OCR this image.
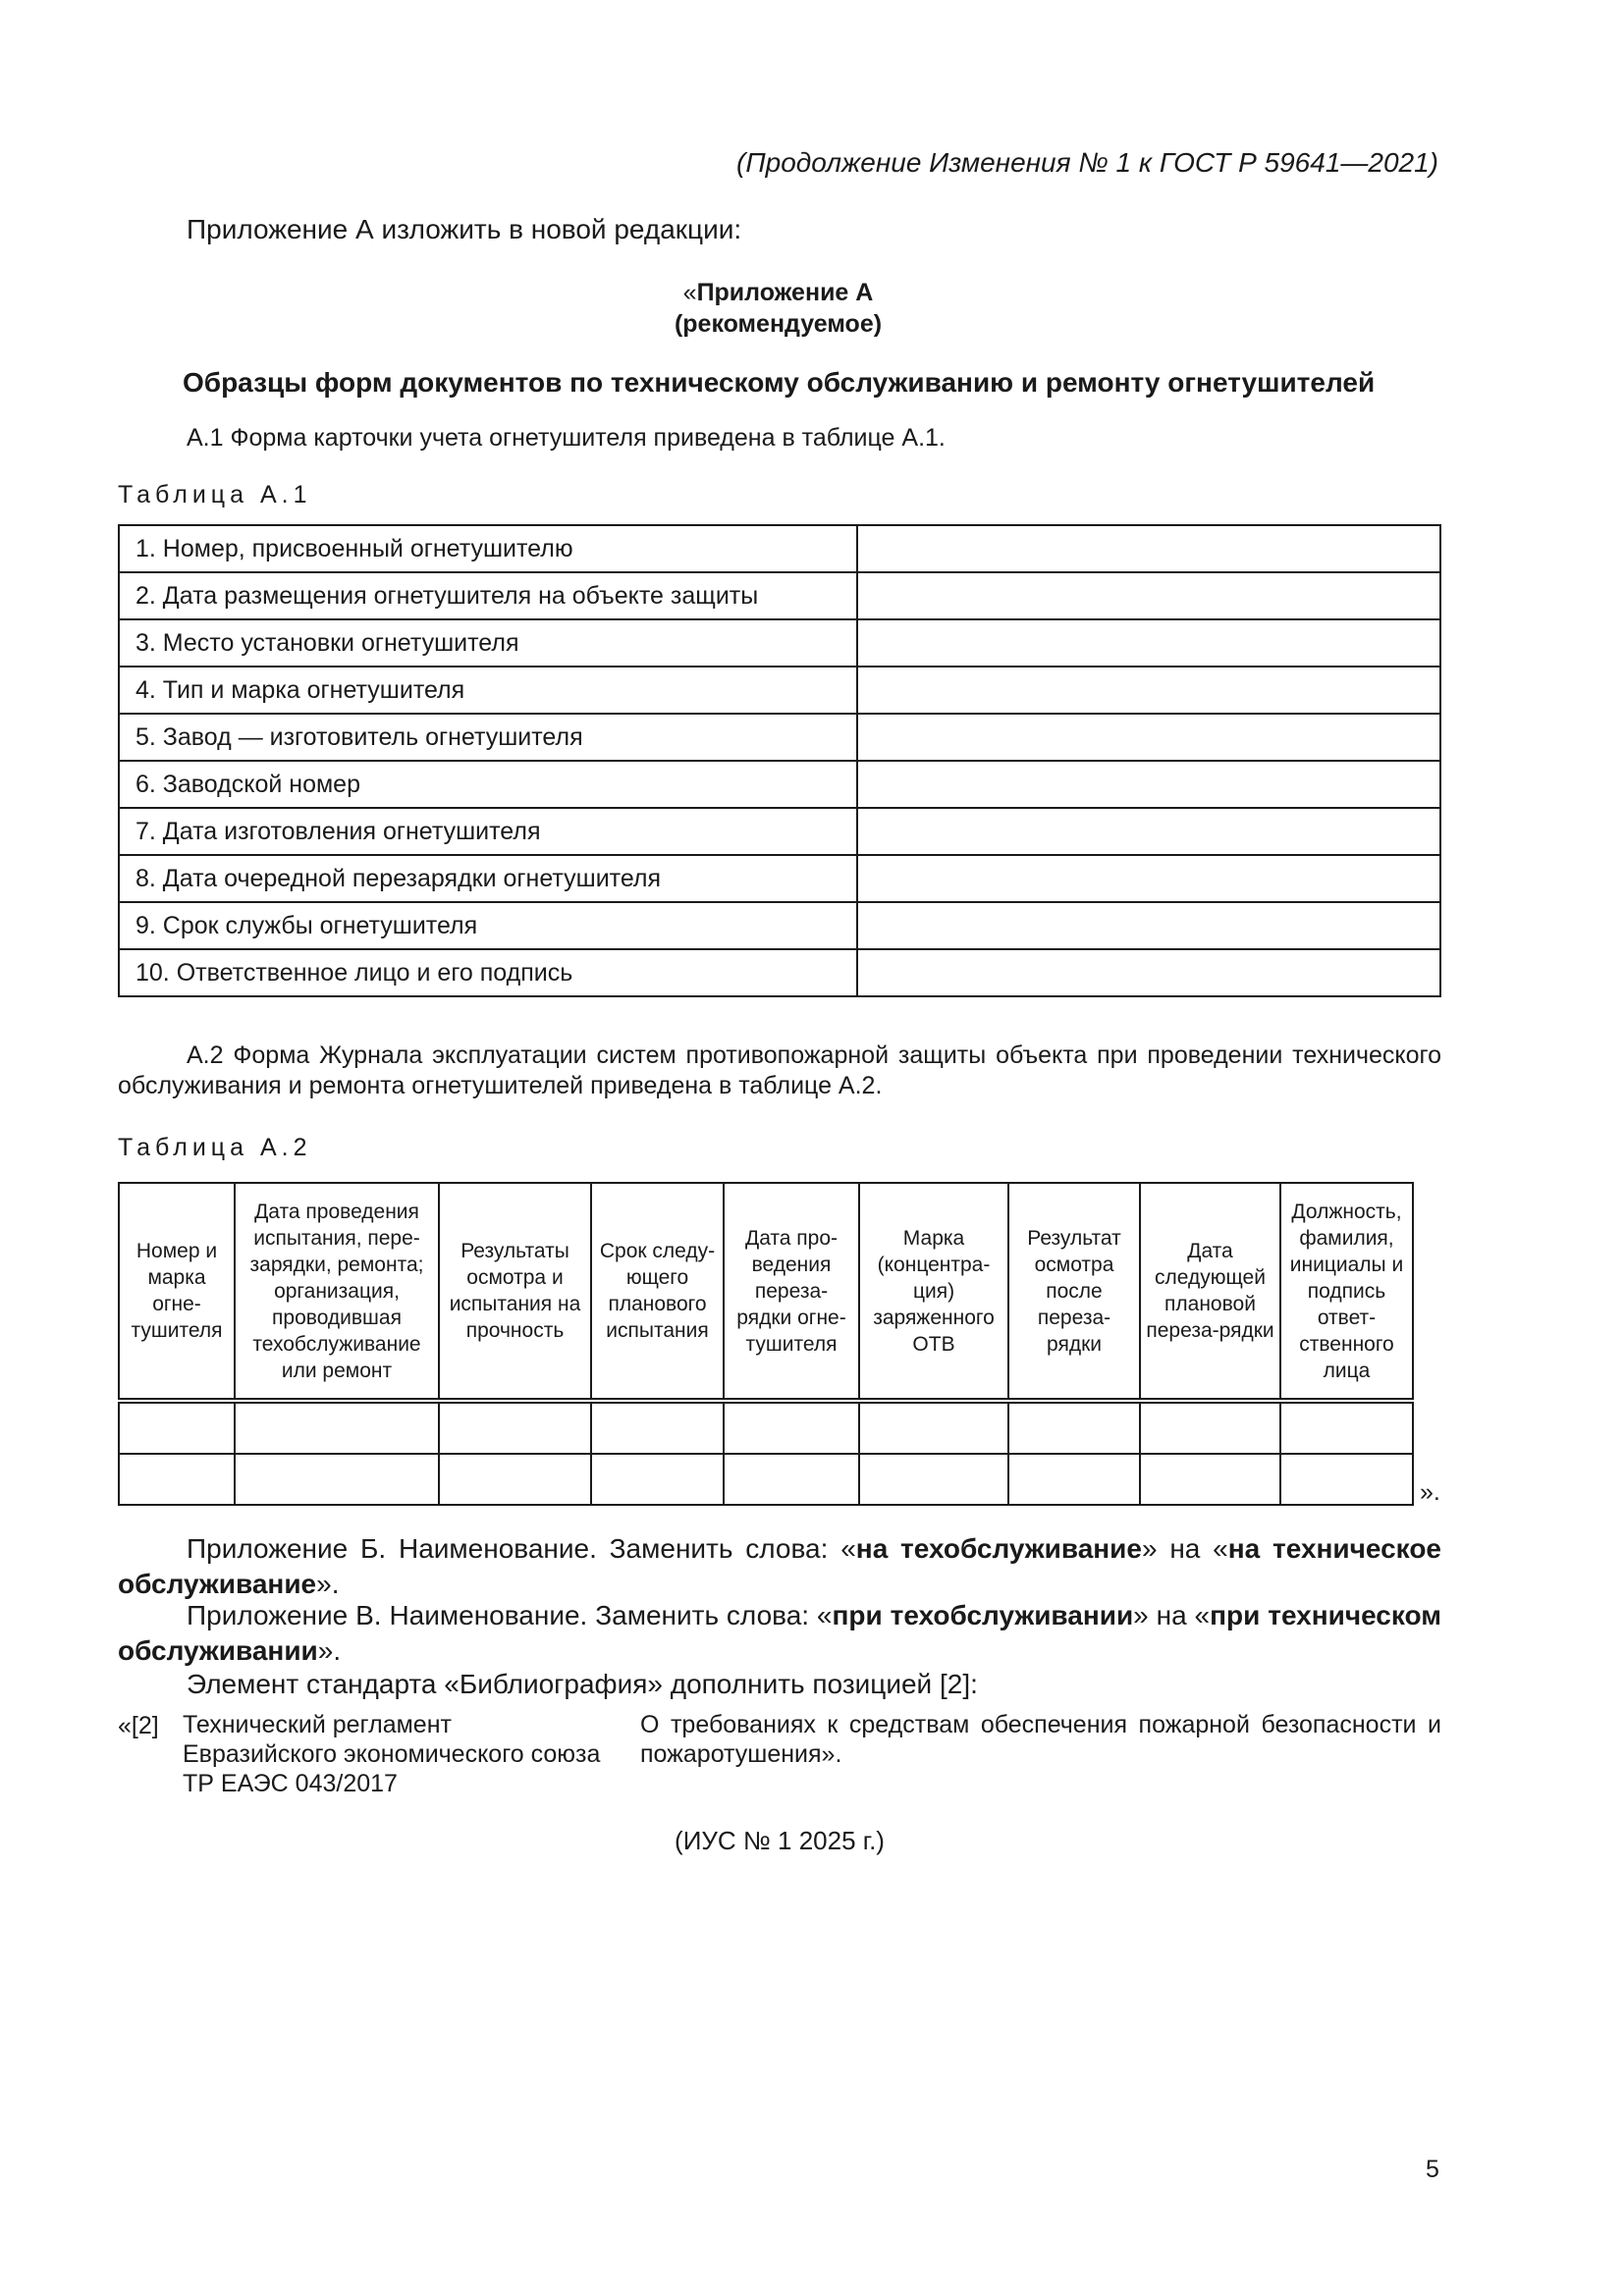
(Продолжение Изменения № 1 к ГОСТ Р 59641—2021)
Приложение А изложить в новой редакции:
«Приложение А
(рекомендуемое)
Образцы форм документов по техническому обслуживанию и ремонту огнетушителей
А.1 Форма карточки учета огнетушителя приведена в таблице А.1.
Таблица А.1
1. Номер, присвоенный огнетушителю	
2. Дата размещения огнетушителя на объекте защиты	
3. Место установки огнетушителя	
4. Тип и марка огнетушителя	
5. Завод — изготовитель огнетушителя	
6. Заводской номер	
7. Дата изготовления огнетушителя	
8. Дата очередной перезарядки огнетушителя	
9. Срок службы огнетушителя	
10. Ответственное лицо и его подпись	
А.2 Форма Журнала эксплуатации систем противопожарной защиты объекта при проведении технического обслуживания и ремонта огнетушителей приведена в таблице А.2.
Таблица А.2
Номер и марка огне-тушителя	Дата проведения испытания, пере-зарядки, ремонта; организация, проводившая техобслуживание или ремонт	Результаты осмотра и испытания на прочность	Срок следу-ющего планового испытания	Дата про-ведения переза-рядки огне-тушителя	Марка (концентра-ция) заряженного ОТВ	Результат осмотра после переза-рядки	Дата следующей плановой переза-рядки	Должность, фамилия, инициалы и подпись ответ-ственного лица

».
Приложение Б. Наименование. Заменить слова: «на техобслуживание» на «на техническое обслуживание».
Приложение В. Наименование. Заменить слова: «при техобслуживании» на «при техническом обслуживании».
Элемент стандарта «Библиография» дополнить позицией [2]:
«[2] Технический регламент
Евразийского экономического союза
ТР ЕАЭС 043/2017
О требованиях к средствам обеспечения пожарной безопасности и пожаротушения».
(ИУС № 1 2025 г.)
5
